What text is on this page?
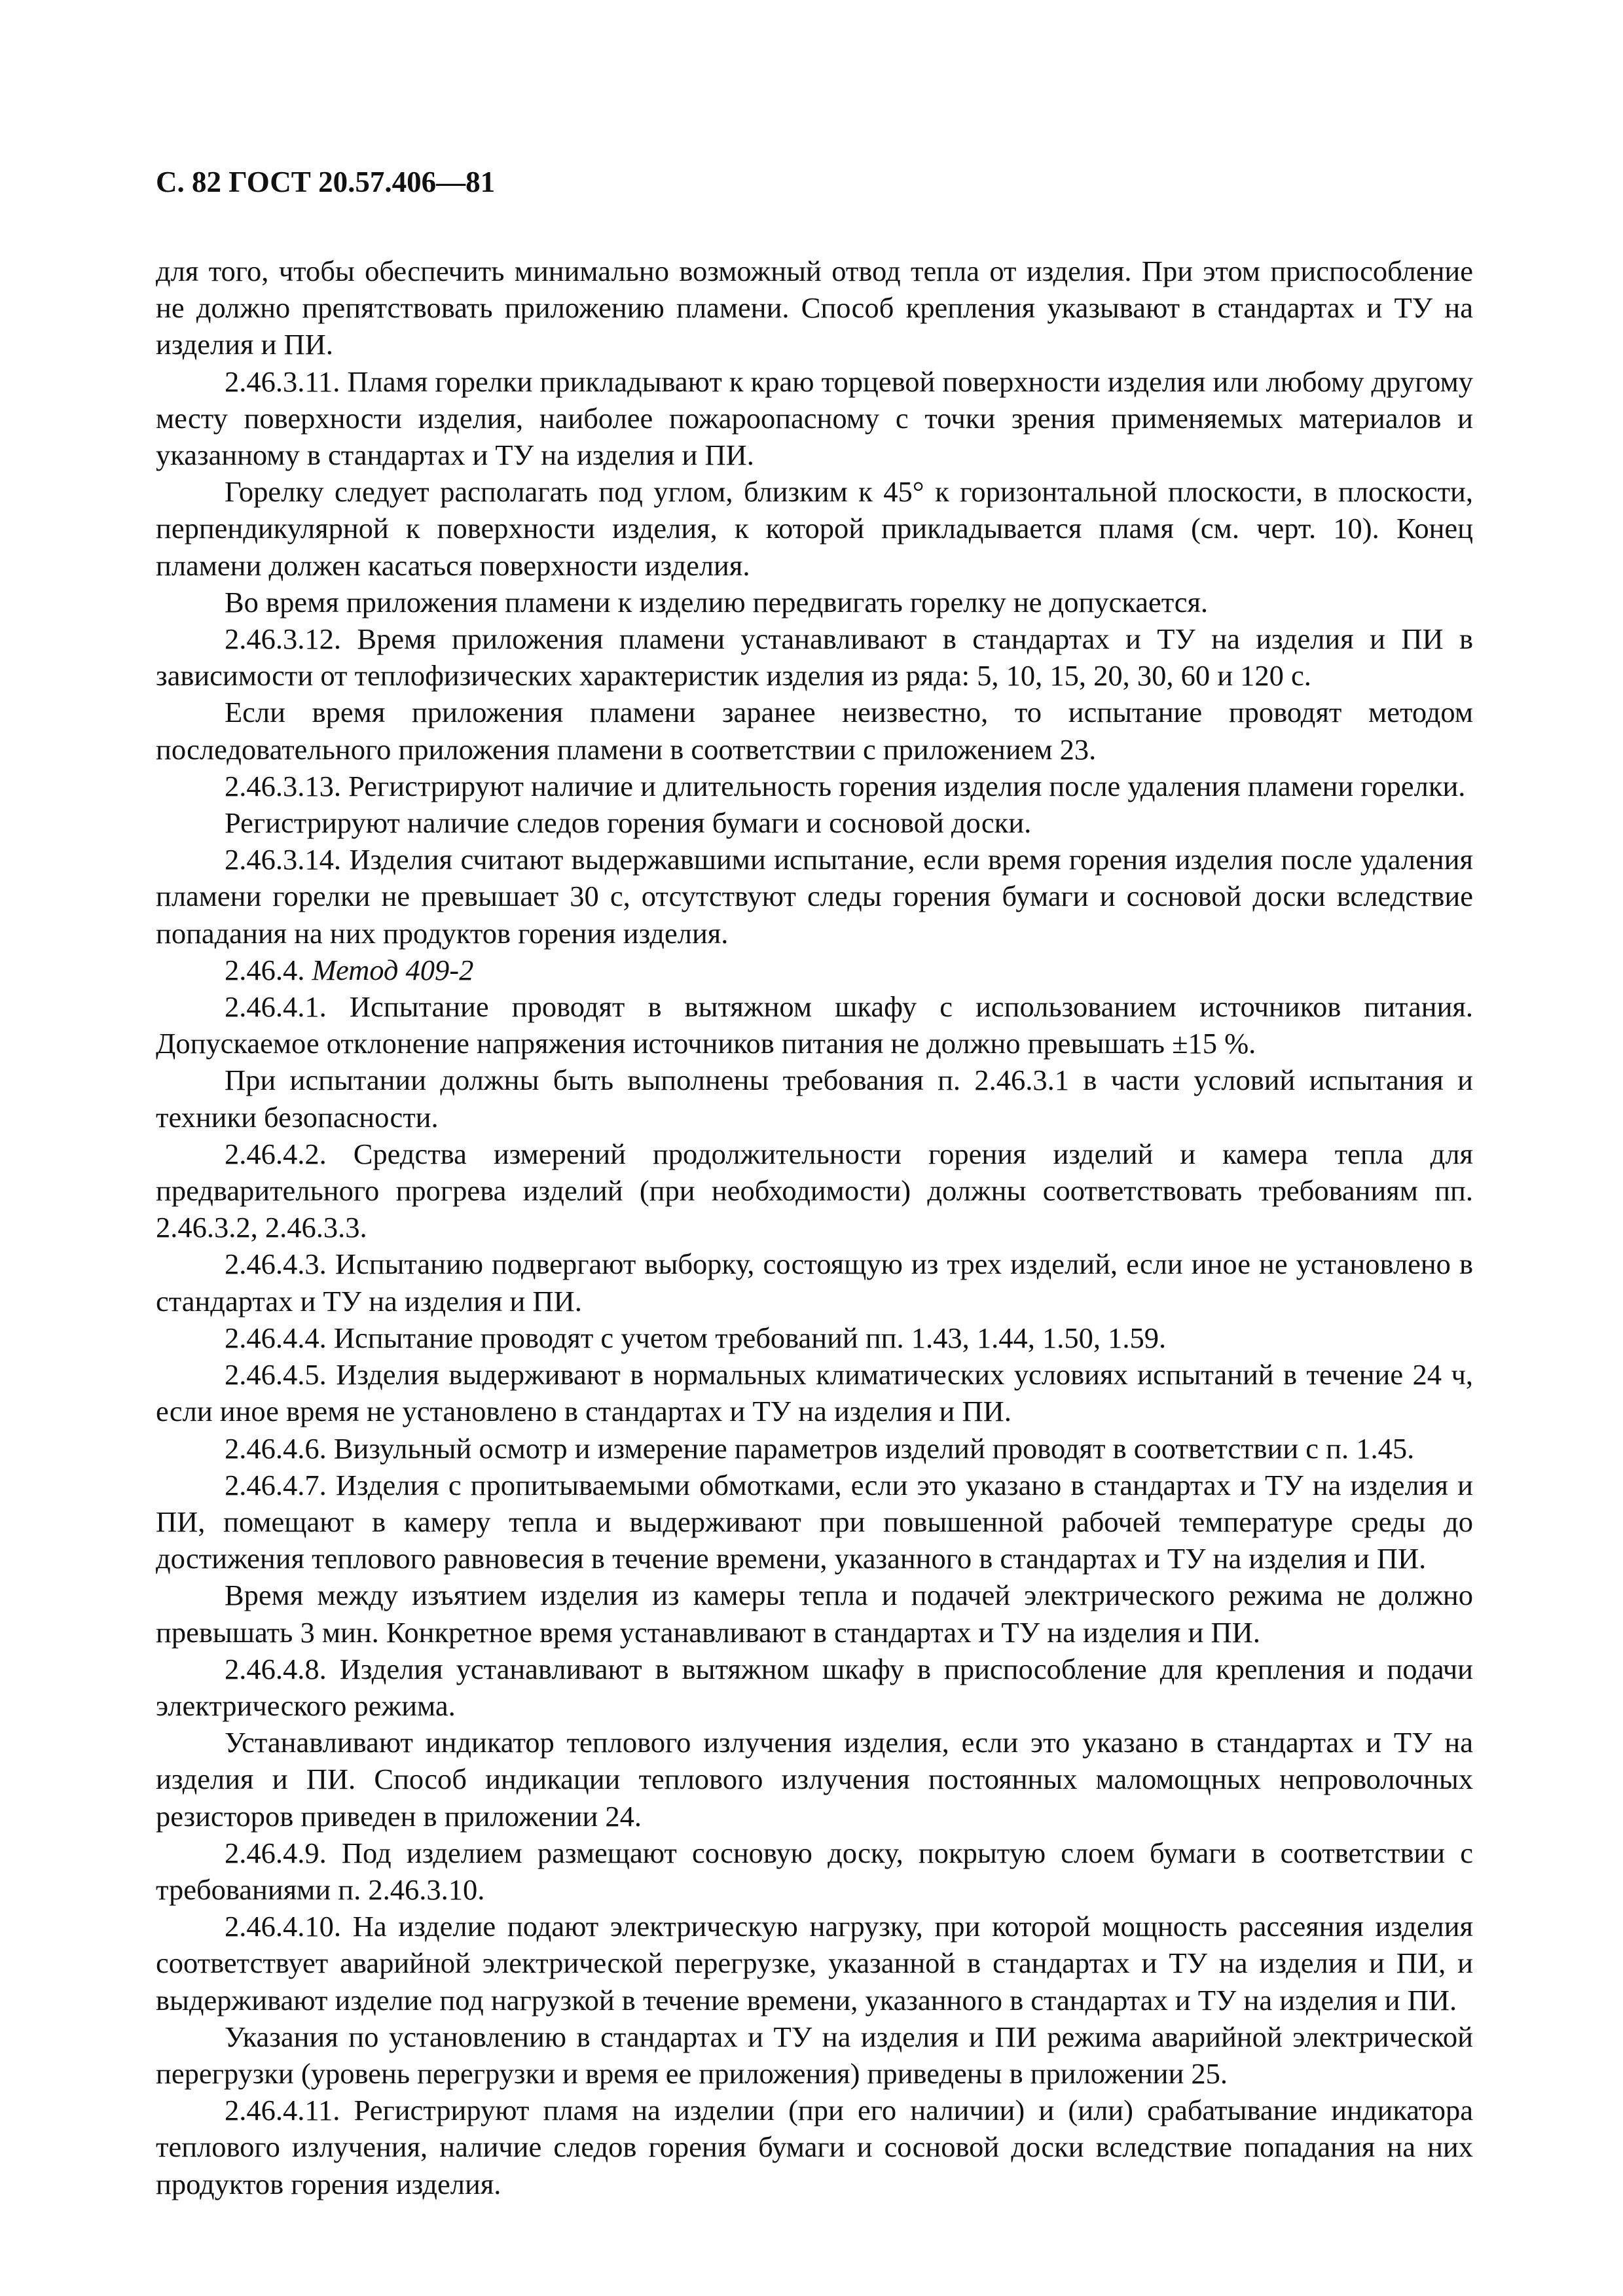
С. 82 ГОСТ 20.57.406—81

для того, чтобы обеспечить минимально возможный отвод тепла от изделия. При этом приспособление не должно препятствовать приложению пламени. Способ крепления указывают в стандартах и ТУ на изделия и ПИ.

2.46.3.11. Пламя горелки прикладывают к краю торцевой поверхности изделия или любому другому месту поверхности изделия, наиболее пожароопасному с точки зрения применяемых материалов и указанному в стандартах и ТУ на изделия и ПИ.

Горелку следует располагать под углом, близким к 45° к горизонтальной плоскости, в плоскости, перпендикулярной к поверхности изделия, к которой прикладывается пламя (см. черт. 10). Конец пламени должен касаться поверхности изделия.

Во время приложения пламени к изделию передвигать горелку не допускается.

2.46.3.12. Время приложения пламени устанавливают в стандартах и ТУ на изделия и ПИ в зависимости от теплофизических характеристик изделия из ряда: 5, 10, 15, 20, 30, 60 и 120 с.

Если время приложения пламени заранее неизвестно, то испытание проводят методом последовательного приложения пламени в соответствии с приложением 23.

2.46.3.13. Регистрируют наличие и длительность горения изделия после удаления пламени горелки.

Регистрируют наличие следов горения бумаги и сосновой доски.

2.46.3.14. Изделия считают выдержавшими испытание, если время горения изделия после удаления пламени горелки не превышает 30 с, отсутствуют следы горения бумаги и сосновой доски вследствие попадания на них продуктов горения изделия.

2.46.4. Метод 409-2

2.46.4.1. Испытание проводят в вытяжном шкафу с использованием источников питания. Допускаемое отклонение напряжения источников питания не должно превышать ±15 %.

При испытании должны быть выполнены требования п. 2.46.3.1 в части условий испытания и техники безопасности.

2.46.4.2. Средства измерений продолжительности горения изделий и камера тепла для предварительного прогрева изделий (при необходимости) должны соответствовать требованиям пп. 2.46.3.2, 2.46.3.3.

2.46.4.3. Испытанию подвергают выборку, состоящую из трех изделий, если иное не установлено в стандартах и ТУ на изделия и ПИ.

2.46.4.4. Испытание проводят с учетом требований пп. 1.43, 1.44, 1.50, 1.59.

2.46.4.5. Изделия выдерживают в нормальных климатических условиях испытаний в течение 24 ч, если иное время не установлено в стандартах и ТУ на изделия и ПИ.

2.46.4.6. Визульный осмотр и измерение параметров изделий проводят в соответствии с п. 1.45.

2.46.4.7. Изделия с пропитываемыми обмотками, если это указано в стандартах и ТУ на изделия и ПИ, помещают в камеру тепла и выдерживают при повышенной рабочей температуре среды до достижения теплового равновесия в течение времени, указанного в стандартах и ТУ на изделия и ПИ.

Время между изъятием изделия из камеры тепла и подачей электрического режима не должно превышать 3 мин. Конкретное время устанавливают в стандартах и ТУ на изделия и ПИ.

2.46.4.8. Изделия устанавливают в вытяжном шкафу в приспособление для крепления и подачи электрического режима.

Устанавливают индикатор теплового излучения изделия, если это указано в стандартах и ТУ на изделия и ПИ. Способ индикации теплового излучения постоянных маломощных непроволочных резисторов приведен в приложении 24.

2.46.4.9. Под изделием размещают сосновую доску, покрытую слоем бумаги в соответствии с требованиями п. 2.46.3.10.

2.46.4.10. На изделие подают электрическую нагрузку, при которой мощность рассеяния изделия соответствует аварийной электрической перегрузке, указанной в стандартах и ТУ на изделия и ПИ, и выдерживают изделие под нагрузкой в течение времени, указанного в стандартах и ТУ на изделия и ПИ.

Указания по установлению в стандартах и ТУ на изделия и ПИ режима аварийной электрической перегрузки (уровень перегрузки и время ее приложения) приведены в приложении 25.

2.46.4.11. Регистрируют пламя на изделии (при его наличии) и (или) срабатывание индикатора теплового излучения, наличие следов горения бумаги и сосновой доски вследствие попадания на них продуктов горения изделия.
